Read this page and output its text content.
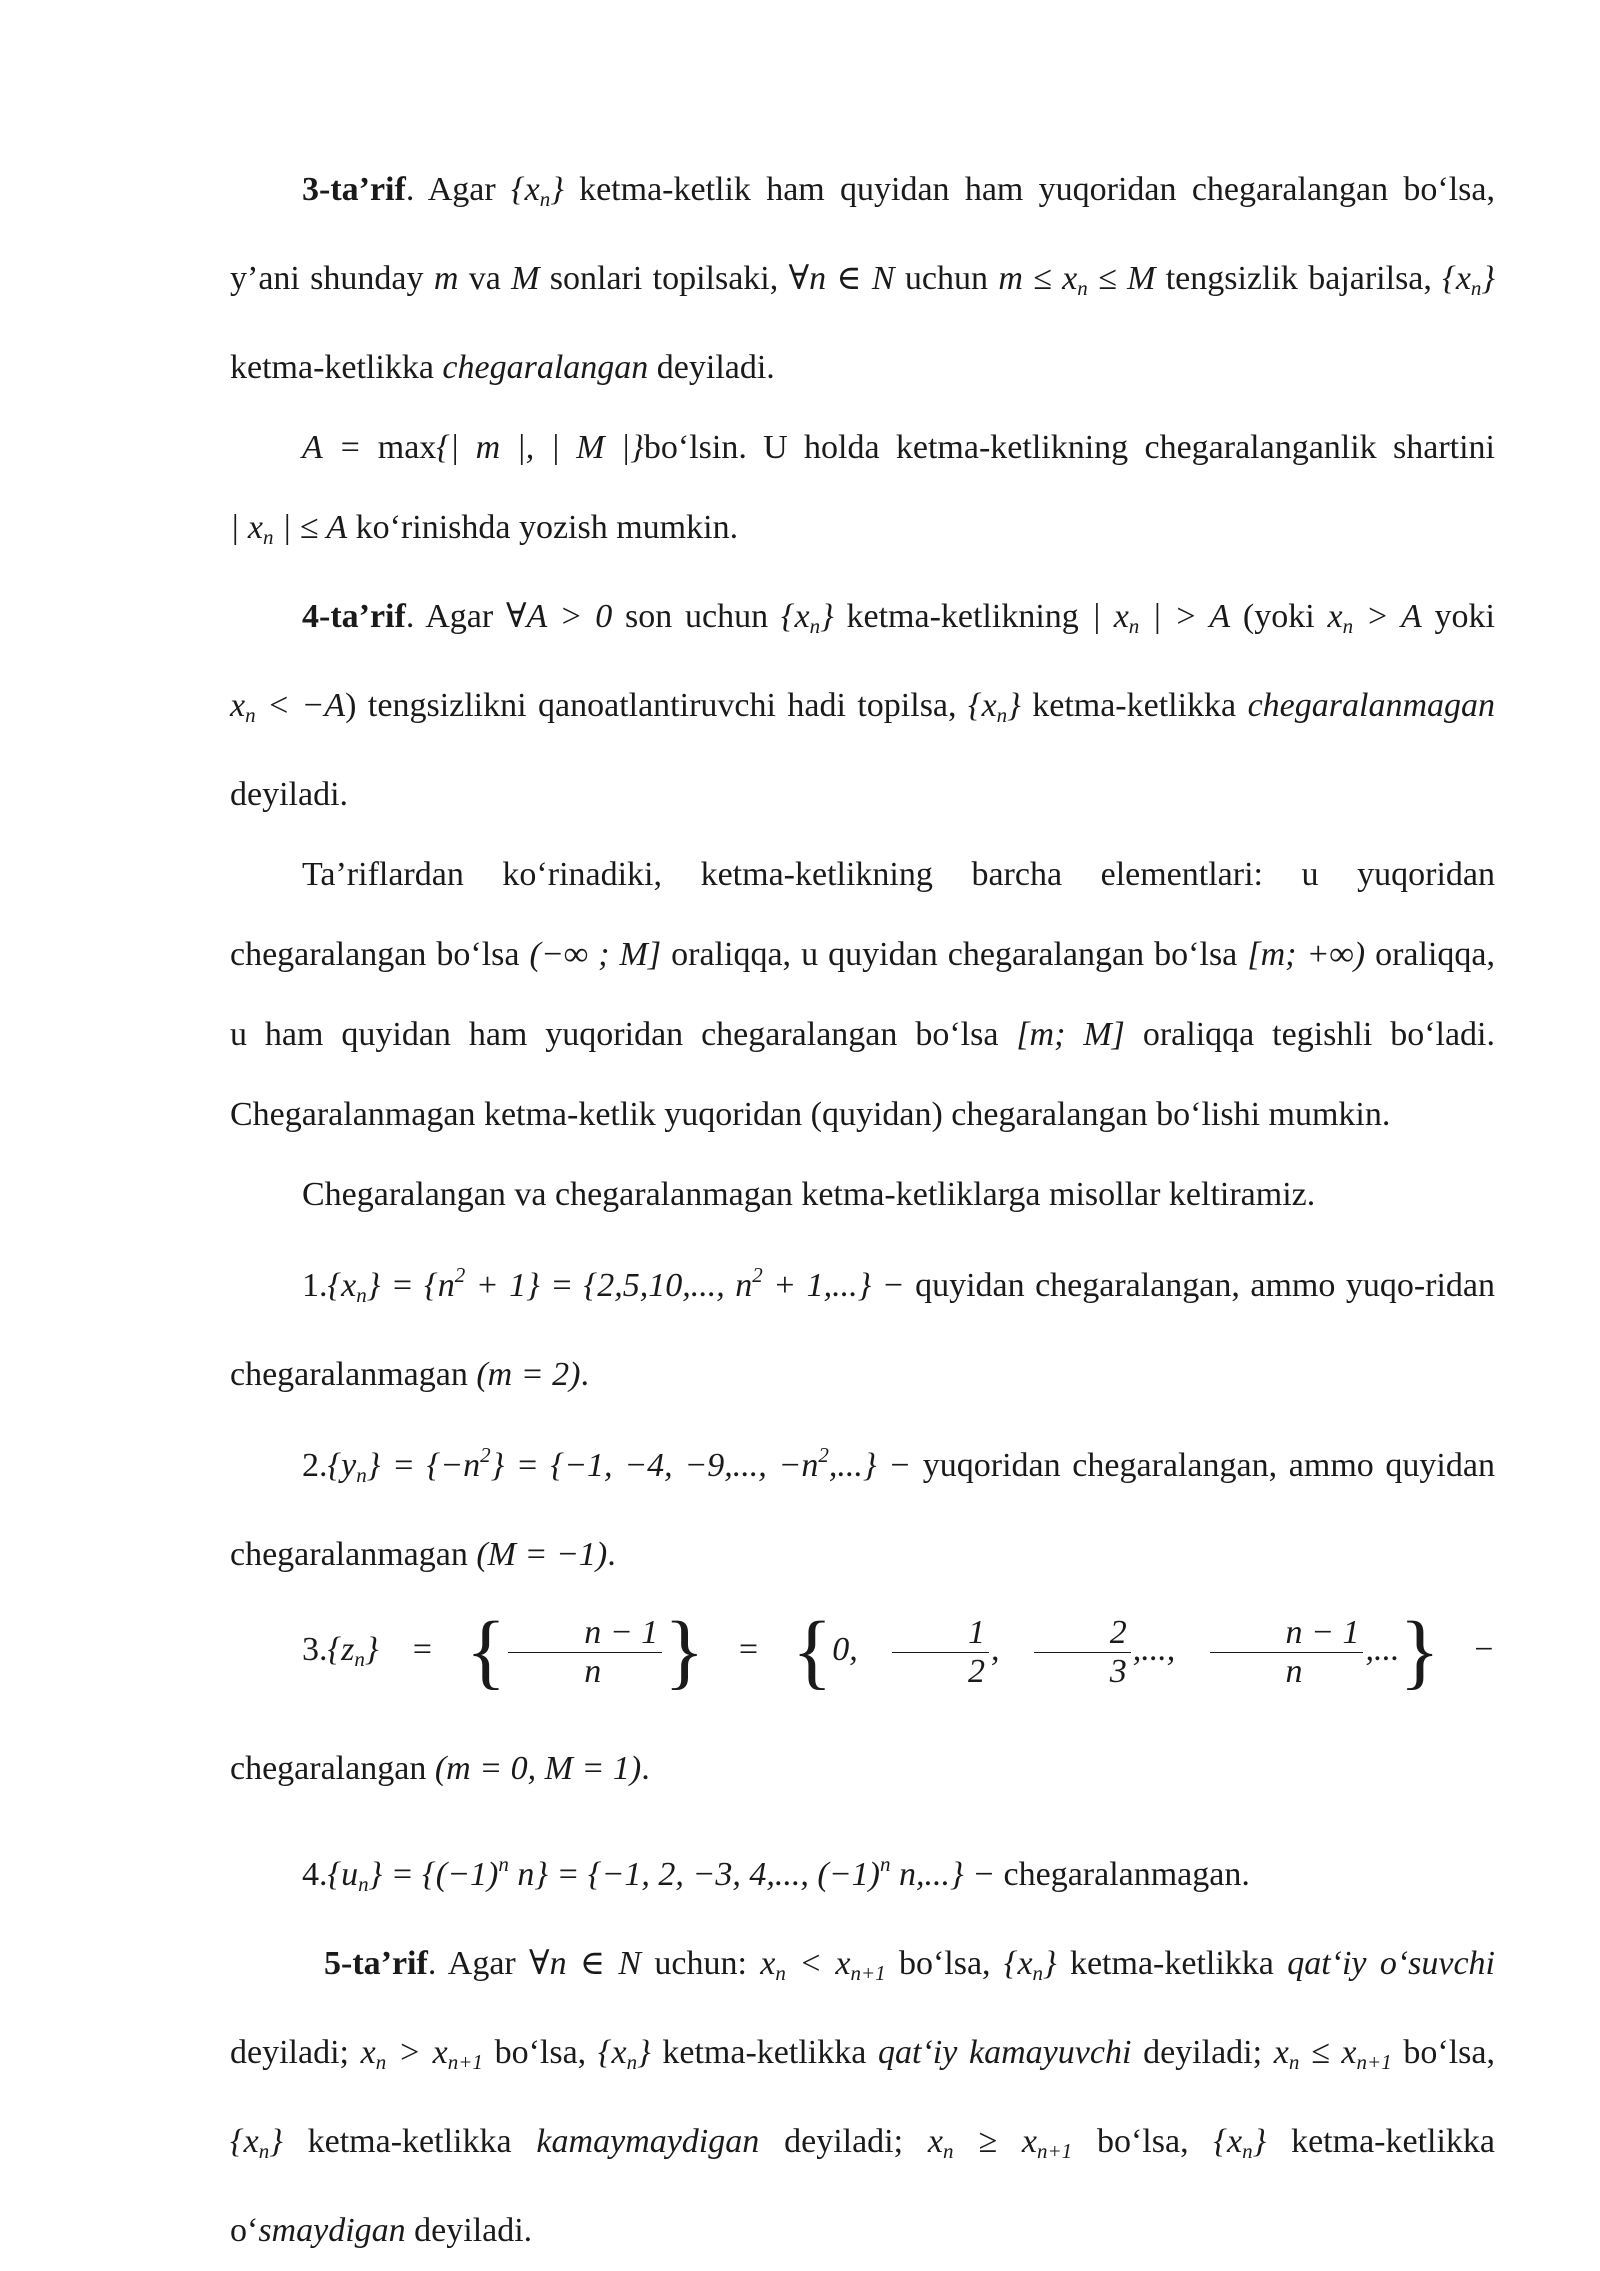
3-ta’rif. Agar {xn} ketma-ketlik ham quyidan ham yuqoridan chegaralangan bo‘lsa, y’ani shunday m va M sonlari topilsaki, ∀n ∈ N uchun m ≤ xn ≤ M tengsizlik bajarilsa, {xn} ketma-ketlikka chegaralangan deyiladi.

A = max{| m |, | M |}bo‘lsin. U holda ketma-ketlikning chegaralanganlik shartini | xn | ≤ A ko‘rinishda yozish mumkin.

4-ta’rif. Agar ∀A > 0 son uchun {xn} ketma-ketlikning | xn | > A (yoki xn > A yoki xn < −A) tengsizlikni qanoatlantiruvchi hadi topilsa, {xn} ketma-ketlikka chegaralanmagan deyiladi.

Ta’riflardan ko‘rinadiki, ketma-ketlikning barcha elementlari: u yuqoridan chegaralangan bo‘lsa (−∞ ; M] oraliqqa, u quyidan chegaralangan bo‘lsa [m; +∞) oraliqqa, u ham quyidan ham yuqoridan chegaralangan bo‘lsa [m; M] oraliqqa tegishli bo‘ladi. Chegaralanmagan ketma-ketlik yuqoridan (quyidan) chegaralangan bo‘lishi mumkin.

Chegaralangan va chegaralanmagan ketma-ketliklarga misollar keltiramiz.

$1.\{xn\} = \{n^2 + 1\} = \{2,5,10$,..., $n^2 + 1$,...} − quyidan chegaralangan, ammo yuqo-ridan chegaralanmagan (m = 2).

$2.\{yn\} = \{-n^2\} = \{-1$, −4, −9,..., $-n^2$,...} − yuqoridan chegaralangan, ammo quyidan chegaralanmagan (M = −1).

3.{zn} = { $\frac{n - 1}{n}$ } = {0, $\frac{1}{2}$ , $\frac{2}{3}$ ,..., $\frac{n - 1}{n}$ ,...} − chegaralangan (m = 0, M = 1).

$4.\{un\} = \{(-1)^n$ n} = {−1, 2, −3, 4,..., $(-1)^n$ n,...} − chegaralanmagan.

5-ta’rif. Agar ∀n ∈ N uchun: xn < xn+1 bo‘lsa, {xn} ketma-ketlikka qat‘iy o‘suvchi deyiladi; xn > xn+1 bo‘lsa, {xn} ketma-ketlikka qat‘iy kamayuvchi deyiladi; xn ≤ xn+1 bo‘lsa, {xn} ketma-ketlikka kamaymaydigan deyiladi; xn ≥ xn+1 bo‘lsa, {xn} ketma-ketlikka o‘smaydigan deyiladi.
